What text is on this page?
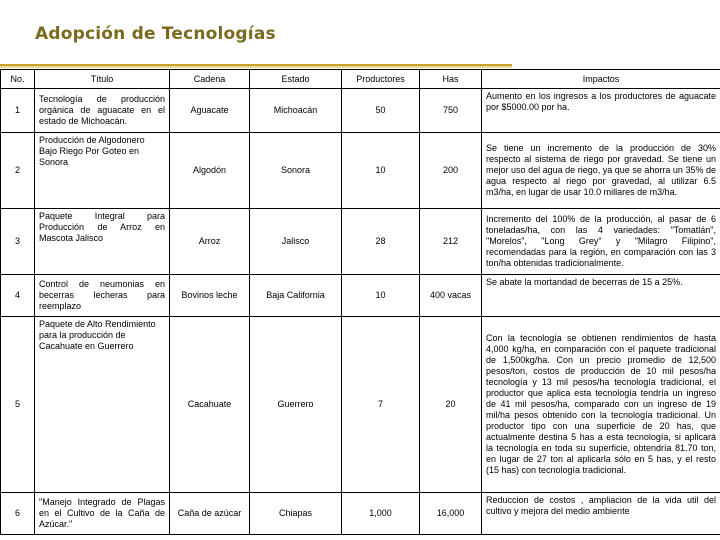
Adopción de Tecnologías
No.	Título	Cadena	Estado	Productores	Has	Impactos
1	Tecnología de producción orgánica de aguacate en el estado de Michoacán.	Aguacate	Michoacán	50	750	Aumento en los ingresos a los productores de aguacate por $5000.00 por ha.
2	Producción de Algodonero Bajo Riego Por Goteo en Sonora	Algodón	Sonora	10	200	Se tiene un incremento de la producción de 30% respecto al sistema de riego por gravedad. Se tiene un mejor uso del agua de riego, ya que se ahorra un 35% de agua respecto al riego por gravedad, al utilizar 6.5 m3/ha, en lugar de usar 10.0 millares de m3/ha.
3	Paquete Integral para Producción de Arroz en Mascota Jalisco	Arroz	Jalisco	28	212	Incremento del 100% de la producción, al pasar de 6 toneladas/ha, con las 4 variedades: "Tomatlán", "Morelos", "Long Grey" y "Milagro Filipino", recomendadas para la región, en comparación con las 3 ton/ha obtenidas tradicionalmente.
4	Control de neumonias en becerras lecheras para reemplazo	Bovinos leche	Baja California	10	400 vacas	Se abate la mortandad de becerras de 15 a 25%.
5	Paquete de Alto Rendimiento para la producción de Cacahuate en Guerrero	Cacahuate	Guerrero	7	20	Con la tecnología se obtienen rendimientos de hasta 4,000 kg/ha, en comparación con el paquete tradicional de 1,500kg/ha. Con un precio promedio de 12,500 pesos/ton, costos de producción de 10 mil pesos/ha tecnología y 13 mil pesos/ha tecnología tradicional, el productor que aplica esta tecnología tendría un ingreso de 41 mil pesos/ha, comparado con un ingreso de 19 mil/ha pesos obtenido con la tecnología tradicional. Un productor tipo con una superficie de 20 has, que actualmente destina 5 has a esta tecnología, si aplicará la tecnología en toda su superficie, obtendría 81.70 ton, en lugar de 27 ton al aplicarla sólo en 5 has, y el resto (15 has) con tecnología tradicional.
6	"Manejo Integrado de Plagas en el Cultivo de la Caña de Azúcar."	Caña de azúcar	Chiapas	1,000	16,000	Reduccion de costos , ampliacion de la vida util del cultivo y mejora del medio ambiente
